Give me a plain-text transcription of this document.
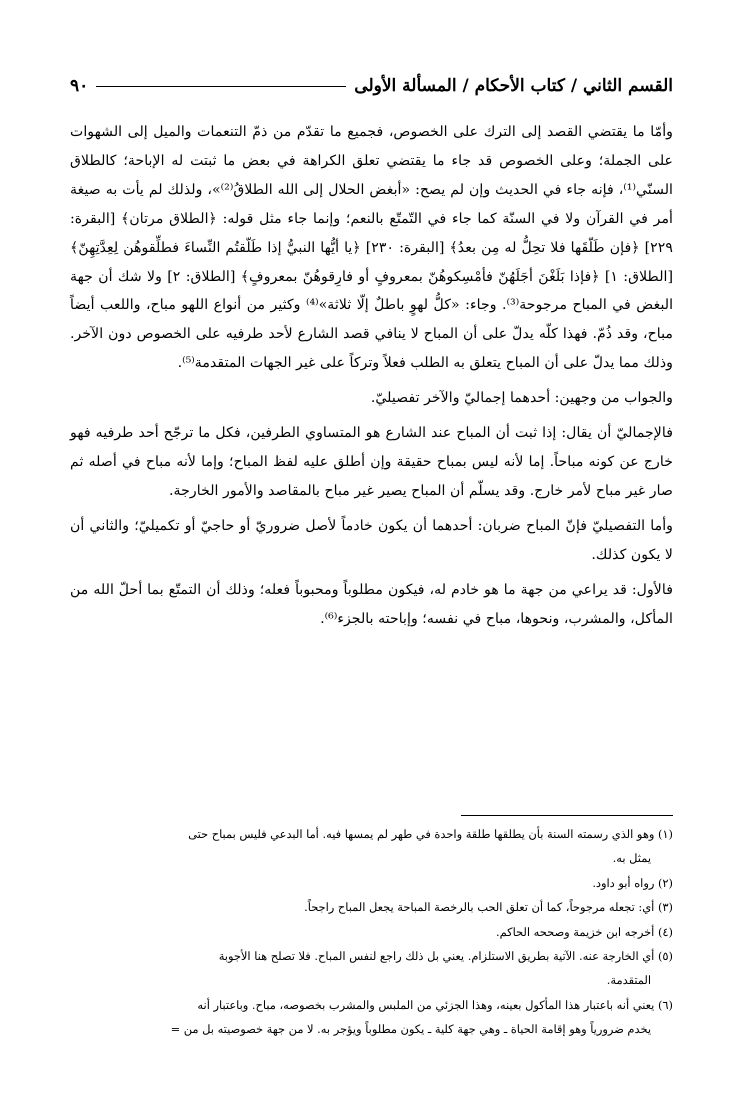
القسم الثاني / كتاب الأحكام / المسألة الأولى
٩٠

وأمّا ما يقتضي القصد إلى الترك على الخصوص، فجميع ما تقدّم من ذمّ التنعمات والميل إلى الشهوات على الجملة؛ وعلى الخصوص قد جاء ما يقتضي تعلق الكراهة في بعض ما ثبتت له الإباحة؛ كالطلاق السنّي⁽¹⁾، فإنه جاء في الحديث وإن لم يصح: «أبغض الحلال إلى الله الطلاقُ⁽²⁾»، ولذلك لم يأت به صيغة أمر في القرآن ولا في السنّة كما جاء في التّمتّع بالنعم؛ وإنما جاء مثل قوله: ﴿الطلاق مرتان﴾ [البقرة: ٢٢٩] ﴿فإن طَلّقَها فلا تحِلُّ له مِن بعدُ﴾ [البقرة: ٢٣٠] ﴿يا أيُّها النبيُّ إذا طَلّقتُم النِّساءَ فطلِّقوهُن لِعِدَّتِهِنّ﴾ [الطلاق: ١] ﴿فإذا بَلَغْنَ أجَلَهُنّ فأمْسِكوهُنّ بمعروفٍ أو فارِقوهُنّ بمعروفٍ﴾ [الطلاق: ٢] ولا شك أن جهة البغض في المباح مرجوحة⁽³⁾. وجاء: «كلُّ لهوٍ باطلٌ إلّا ثلاثة»⁽⁴⁾ وكثير من أنواع اللهو مباح، واللعب أيضاً مباح، وقد ذُمّ. فهذا كلّه يدلّ على أن المباح لا ينافي قصد الشارع لأحد طرفيه على الخصوص دون الآخر. وذلك مما يدلّ على أن المباح يتعلق به الطلب فعلاً وتركاً على غير الجهات المتقدمة⁽⁵⁾.

والجواب من وجهين: أحدهما إجماليّ والآخر تفصيليّ.

فالإجماليّ أن يقال: إذا ثبت أن المباح عند الشارع هو المتساوي الطرفين، فكل ما ترجّح أحد طرفيه فهو خارج عن كونه مباحاً. إما لأنه ليس بمباح حقيقة وإن أطلق عليه لفظ المباح؛ وإما لأنه مباح في أصله ثم صار غير مباح لأمر خارج. وقد يسلّم أن المباح يصير غير مباح بالمقاصد والأمور الخارجة.

وأما التفصيليّ فإنّ المباح ضربان: أحدهما أن يكون خادماً لأصل ضروريّ أو حاجيّ أو تكميليّ؛ والثاني أن لا يكون كذلك.

فالأول: قد يراعي من جهة ما هو خادم له، فيكون مطلوباً ومحبوباً فعله؛ وذلك أن التمتّع بما أحلّ الله من المأكل، والمشرب، ونحوها، مباح في نفسه؛ وإباحته بالجزء⁽⁶⁾.

(١) وهو الذي رسمته السنة بأن يطلقها طلقة واحدة في طهر لم يمسها فيه. أما البدعي فليس بمباح حتى

يمثل به.

(٢) رواه أبو داود.

(٣) أي: تجعله مرجوحاً، كما أن تعلق الحب بالرخصة المباحة يجعل المباح راجحاً.

(٤) أخرجه ابن خزيمة وصححه الحاكم.

(٥) أي الخارجة عنه. الآتية بطريق الاستلزام. يعني بل ذلك راجع لنفس المباح. فلا تصلح هنا الأجوبة

المتقدمة.

(٦) يعني أنه باعتبار هذا المأكول بعينه، وهذا الجزئي من الملبس والمشرب بخصوصه، مباح. وباعتبار أنه

يخدم ضرورياً وهو إقامة الحياة ـ وهي جهة كلية ـ يكون مطلوباً ويؤجر به. لا من جهة خصوصيته بل من =
